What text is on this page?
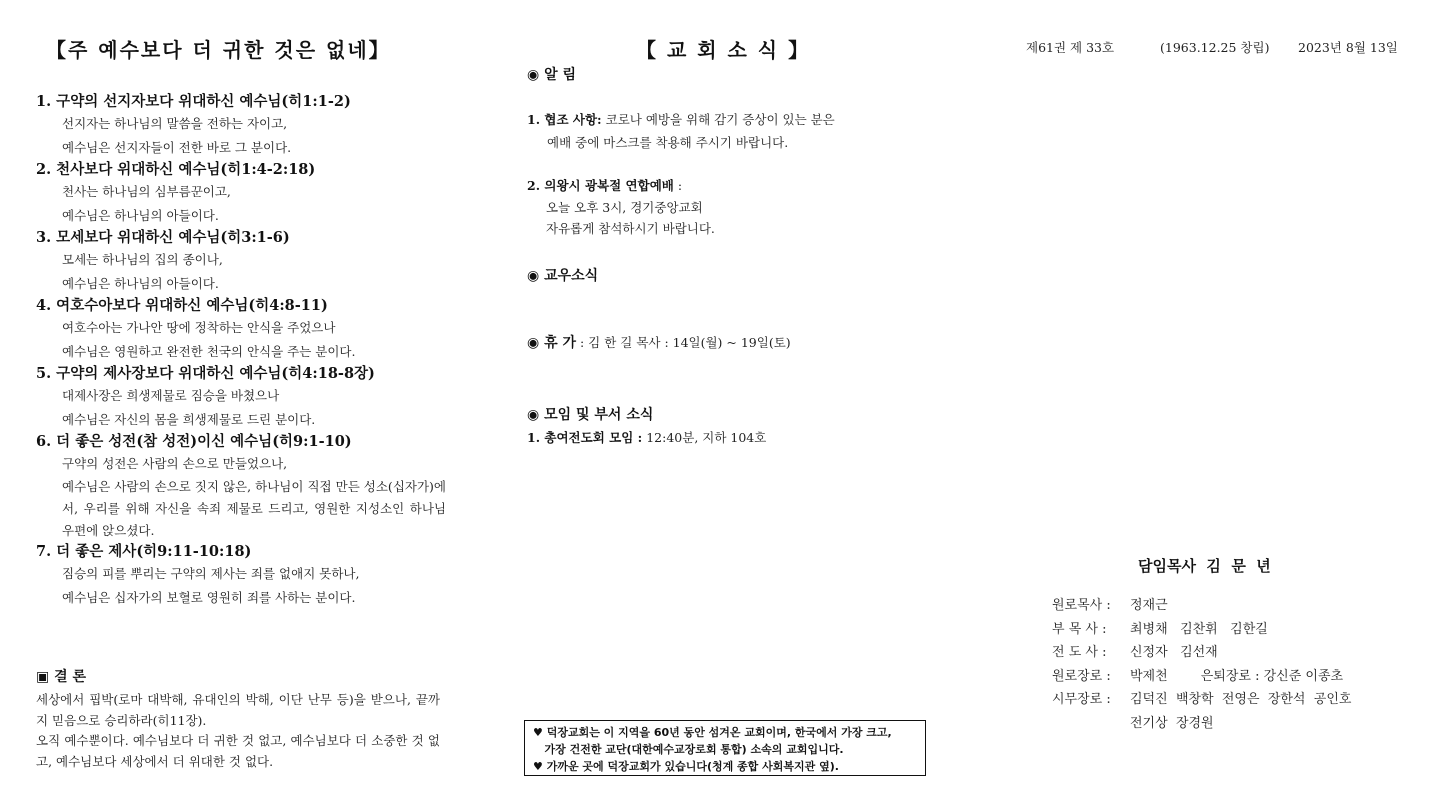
【주 예수보다 더 귀한 것은 없네】

1. 구약의 선지자보다 위대하신 예수님(히1:1-2)

선지자는 하나님의 말씀을 전하는 자이고,

예수님은 선지자들이 전한 바로 그 분이다.

2. 천사보다 위대하신 예수님(히1:4-2:18)

천사는 하나님의 심부름꾼이고,

예수님은 하나님의 아들이다.

3. 모세보다 위대하신 예수님(히3:1-6)

모세는 하나님의 집의 종이나,

예수님은 하나님의 아들이다.

4. 여호수아보다 위대하신 예수님(히4:8-11)

여호수아는 가나안 땅에 정착하는 안식을 주었으나

예수님은 영원하고 완전한 천국의 안식을 주는 분이다.

5. 구약의 제사장보다 위대하신 예수님(히4:18-8장)

대제사장은 희생제물로 짐승을 바쳤으나

예수님은 자신의 몸을 희생제물로 드린 분이다.

6. 더 좋은 성전(참 성전)이신 예수님(히9:1-10)

구약의 성전은 사람의 손으로 만들었으나,

예수님은 사람의 손으로 짓지 않은, 하나님이 직접 만든 성소(십자가)에서, 우리를 위해 자신을 속죄 제물로 드리고, 영원한 지성소인 하나님 우편에 앉으셨다.

7. 더 좋은 제사(히9:11-10:18)

짐승의 피를 뿌리는 구약의 제사는 죄를 없애지 못하나,

예수님은 십자가의 보혈로 영원히 죄를 사하는 분이다.

▣ 결 론

세상에서 핍박(로마 대박해, 유대인의 박해, 이단 난무 등)을 받으나, 끝까지 믿음으로 승리하라(히11장).

오직 예수뿐이다. 예수님보다 더 귀한 것 없고, 예수님보다 더 소중한 것 없고, 예수님보다 세상에서 더 위대한 것 없다.

【 교 회 소 식 】
◉ 알 림
1. 협조 사항: 코로나 예방을 위해 감기 증상이 있는 분은
예배 중에 마스크를 착용해 주시기 바랍니다.
2. 의왕시 광복절 연합예배 :
오늘 오후 3시, 경기중앙교회
자유롭게 참석하시기 바랍니다.
◉ 교우소식
◉ 휴 가 : 김 한 길 목사 : 14일(월) ~ 19일(토)
◉ 모임 및 부서 소식
1. 총여전도회 모임 : 12:40분, 지하 104호
♥ 덕장교회는 이 지역을 60년 동안 섬겨온 교회이며, 한국에서 가장 크고,
가장 건전한 교단(대한예수교장로회 통합) 소속의 교회입니다.
♥ 가까운 곳에 덕장교회가 있습니다(청계 종합 사회복지관 옆).
제61권 제 33호	(1963.12.25 창립) 2023년 8월 13일
담임목사  김  문  년
원로목사 : 정재근
부 목 사 : 최병채   김찬휘   김한길
전 도 사 : 신정자   김선재
원로장로 : 박제천        은퇴장로 : 강신준 이종초
시무장로 : 김덕진  백창학  전영은  장한석  공인호
전기상  장경원
